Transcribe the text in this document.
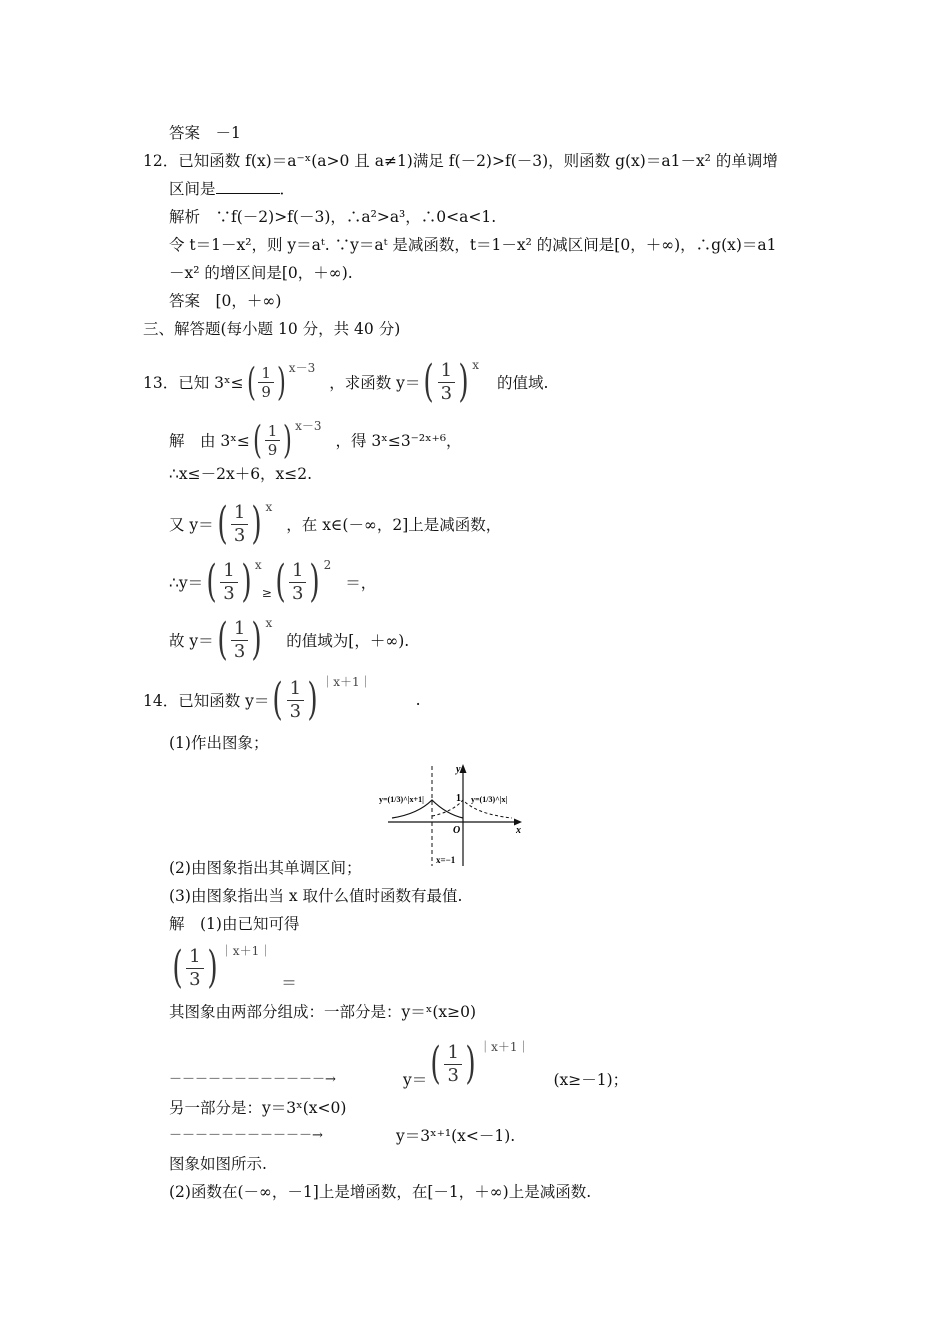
答案　－1
12．已知函数 f(x)＝a⁻ˣ(a>0 且 a≠1)满足 f(－2)>f(－3)，则函数 g(x)＝a1－x² 的单调增
区间是	．
解析　∵f(－2)>f(－3)，∴a²>a³，∴0<a<1.
令 t＝1－x²，则 y＝aᵗ. ∵y＝aᵗ 是减函数，t＝1－x² 的减区间是[0，＋∞)，∴g(x)＝a1
－x² 的增区间是[0，＋∞).
答案　[0，＋∞)
三、解答题(每小题 10 分，共 40 分)
13． 已知 3ˣ≤ ( $\frac{1}{9}$ ) x－3
，求函数 y＝ ( $\frac{1}{3}$ ) x
的值域.
解　由 3ˣ≤ ( $\frac{1}{9}$ ) x－3
，得 3ˣ≤3⁻²ˣ⁺⁶，
∴x≤－2x＋6，x≤2.
又 y＝ ( $\frac{1}{3}$ ) x
，在 x∈(－∞，2]上是减函数，
∴y＝ ( $\frac{1}{3}$ ) x
≥ ( $\frac{1}{3}$ ) 2
＝，
故 y＝ ( $\frac{1}{3}$ ) x
的值域为[，＋∞).
14． 已知函数 y＝ ( $\frac{1}{3}$ ) ｜x＋1｜
.
(1)作出图象；
y
x
O
1
y=(1/3)^|x+1|	y=(1/3)^|x|
x=−1
(2)由图象指出其单调区间；
(3)由图象指出当 x 取什么值时函数有最值.
解　(1)由已知可得
( $\frac{1}{3}$ ) ｜x＋1｜
＝
其图象由两部分组成：一部分是：y＝ˣ(x≥0)
－－－－－－－－－－－－→	y＝ ( $\frac{1}{3}$ ) ｜x＋1｜
(x≥－1)；
另一部分是：y＝3ˣ(x<0)
－－－－－－－－－－－→	y＝3ˣ⁺¹(x<－1).
图象如图所示.
(2)函数在(－∞，－1]上是增函数，在[－1，＋∞)上是减函数.
